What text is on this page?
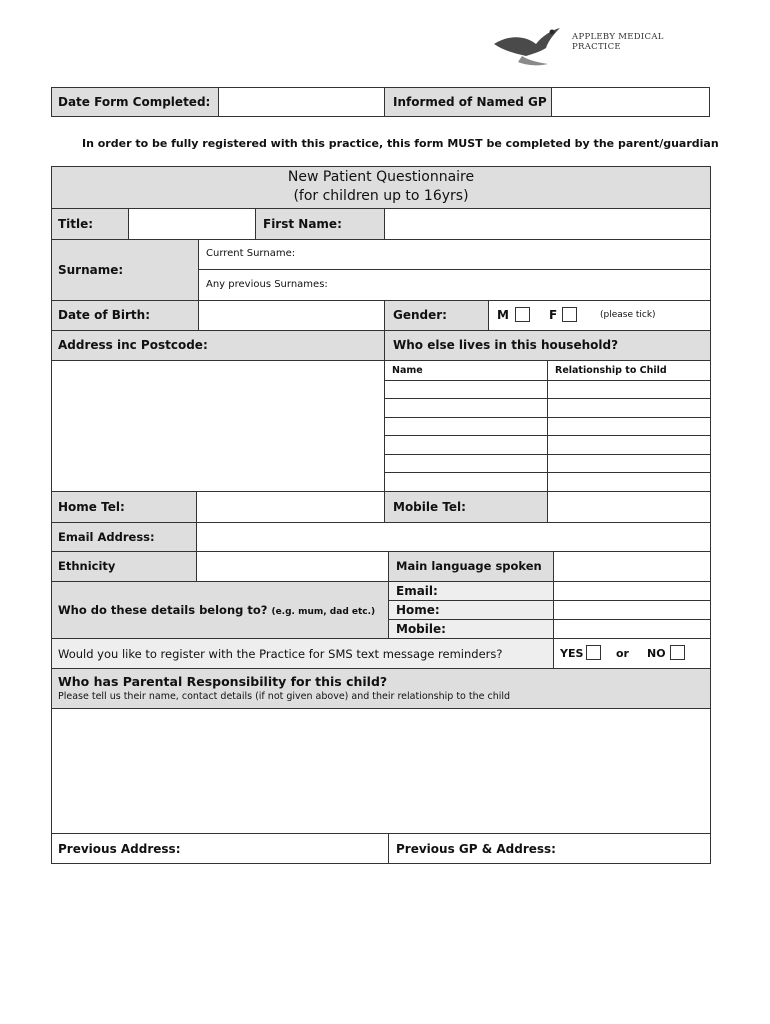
APPLEBY MEDICAL PRACTICE
Date Form Completed:	Informed of Named GP
In order to be fully registered with this practice, this form MUST be completed by the parent/guardian
New Patient Questionnaire
(for children up to 16yrs)
Title:	First Name:
Surname:
Current Surname:
Any previous Surnames:
Date of Birth:	Gender:	M	F	(please tick)
Address inc Postcode:	Who else lives in this household?
Name	Relationship to Child
Home Tel:	Mobile Tel:
Email Address:
Ethnicity	Main language spoken
Who do these details belong to? (e.g. mum, dad etc.)
Email:
Home:
Mobile:
Would you like to register with the Practice for SMS text message reminders?	YES	or NO
Who has Parental Responsibility for this child?
Please tell us their name, contact details (if not given above) and their relationship to the child
Previous Address:	Previous GP & Address:
